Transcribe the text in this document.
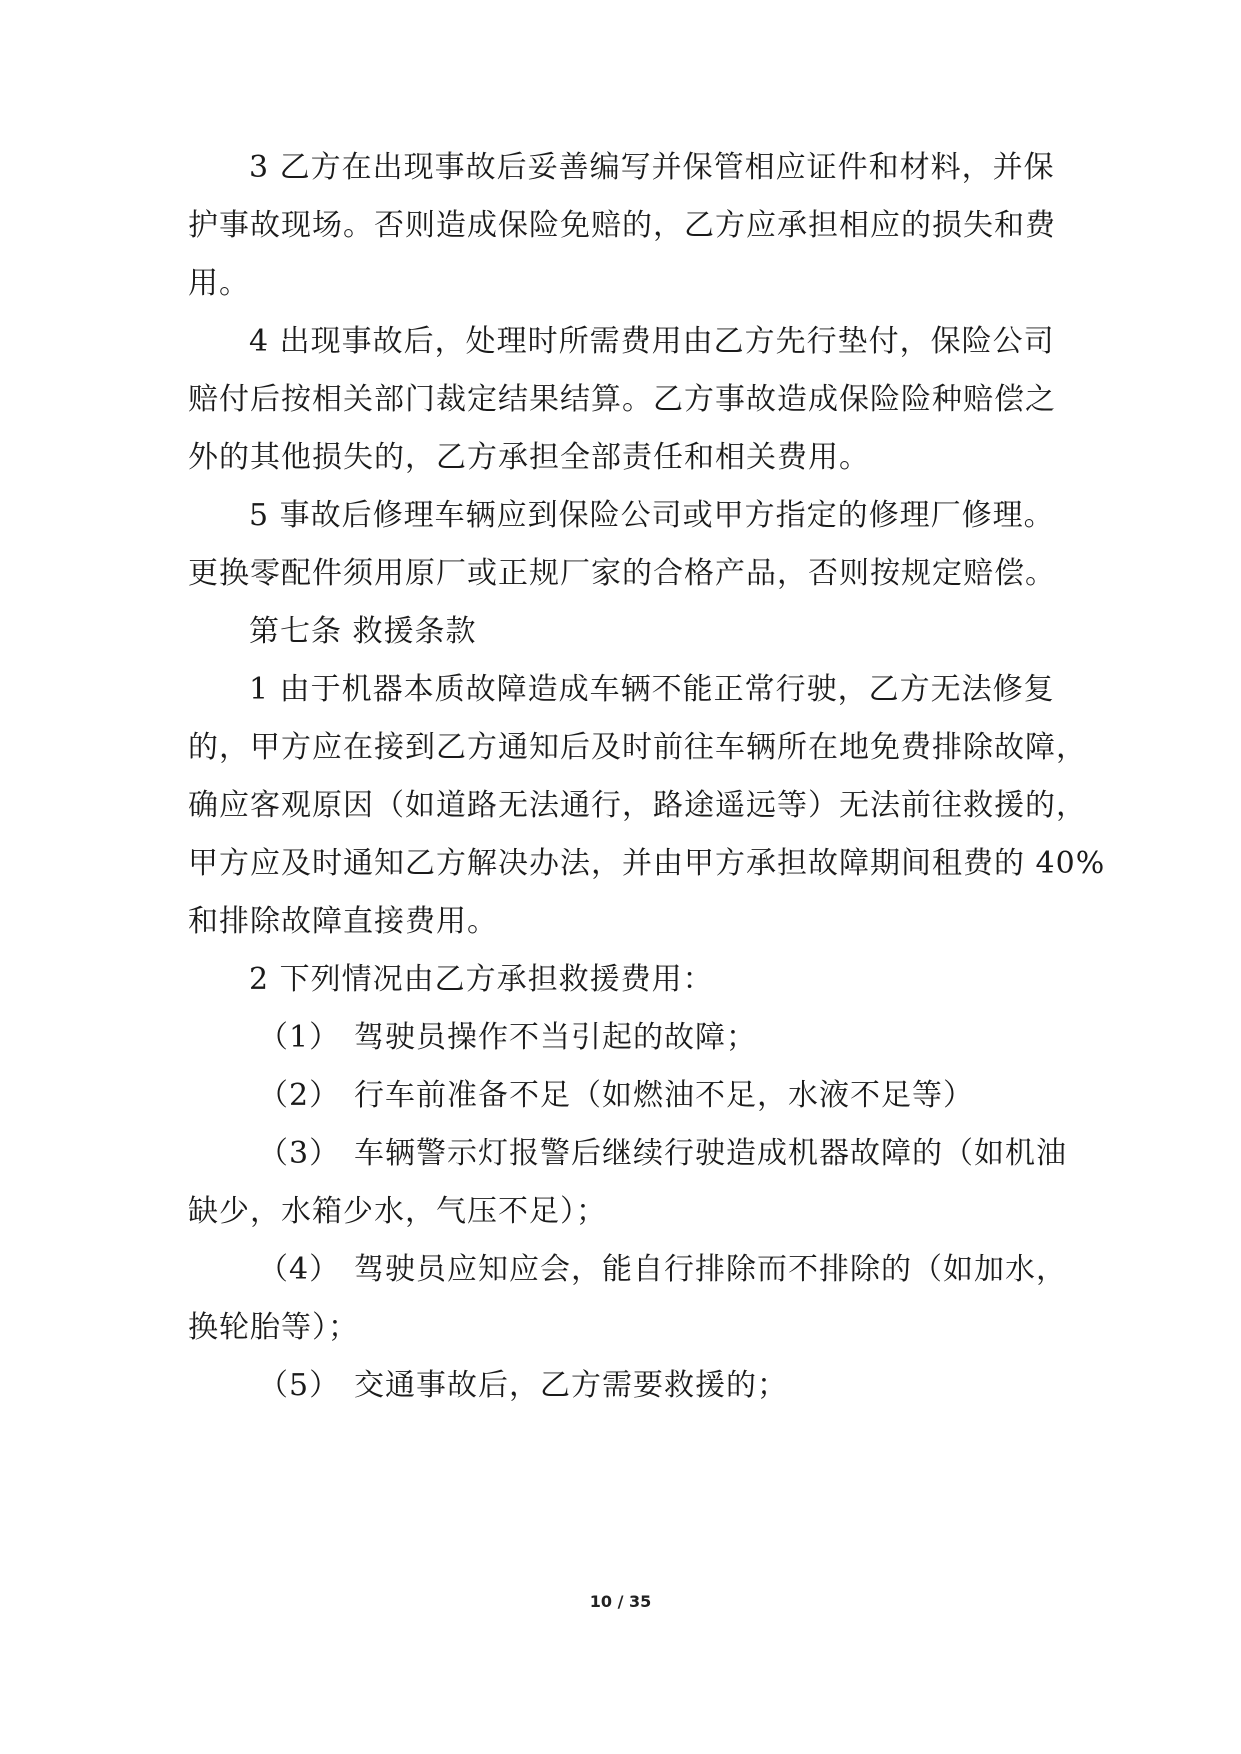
3 乙方在出现事故后妥善编写并保管相应证件和材料，并保
护事故现场。否则造成保险免赔的，乙方应承担相应的损失和费
用。
4 出现事故后，处理时所需费用由乙方先行垫付，保险公司
赔付后按相关部门裁定结果结算。乙方事故造成保险险种赔偿之
外的其他损失的，乙方承担全部责任和相关费用。
5 事故后修理车辆应到保险公司或甲方指定的修理厂修理。
更换零配件须用原厂或正规厂家的合格产品，否则按规定赔偿。
第七条 救援条款
1 由于机器本质故障造成车辆不能正常行驶，乙方无法修复
的，甲方应在接到乙方通知后及时前往车辆所在地免费排除故障，
确应客观原因（如道路无法通行，路途遥远等）无法前往救援的，
甲方应及时通知乙方解决办法，并由甲方承担故障期间租费的 40%
和排除故障直接费用。
2 下列情况由乙方承担救援费用：
（1） 驾驶员操作不当引起的故障；
（2） 行车前准备不足（如燃油不足，水液不足等）
（3） 车辆警示灯报警后继续行驶造成机器故障的（如机油
缺少，水箱少水，气压不足）；
（4） 驾驶员应知应会，能自行排除而不排除的（如加水，
换轮胎等）；
（5） 交通事故后，乙方需要救援的；
10 / 35
